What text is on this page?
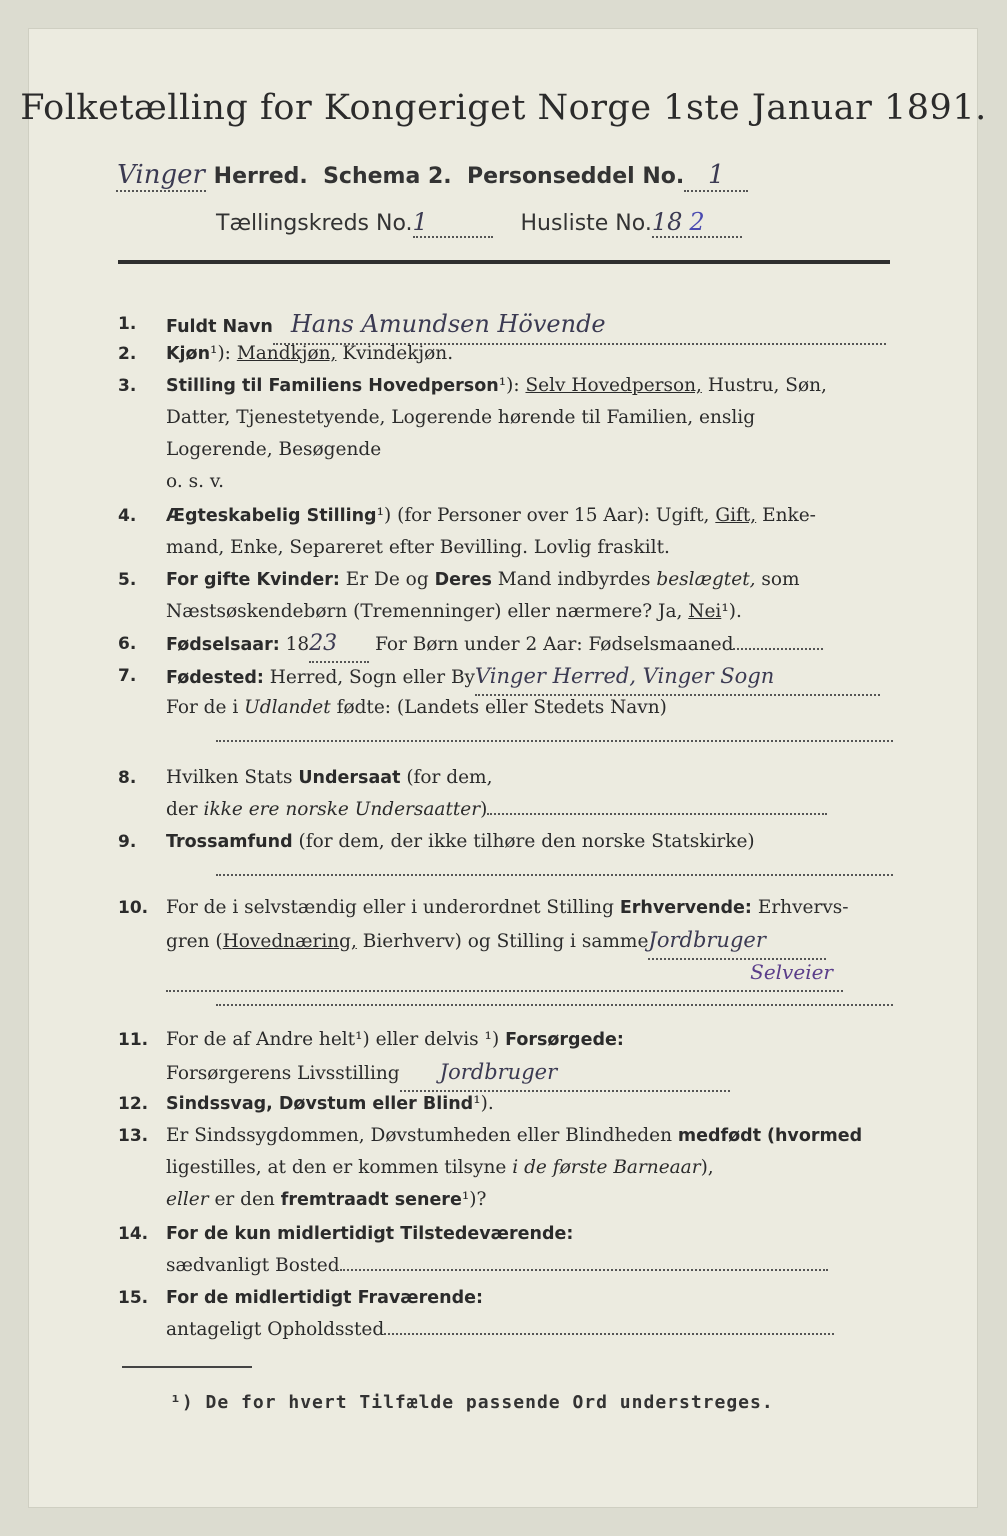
Folketælling for Kongeriget Norge 1ste Januar 1891.
Vinger Herred. Schema 2. Personseddel No. 1
Tællingskreds No.1	Husliste No.18 2
1.	Fuldt Navn Hans Amundsen Hövende
2.	Kjøn¹): Mandkjøn, Kvindekjøn.
3.	Stilling til Familiens Hovedperson¹): Selv Hovedperson, Hustru, Søn,
Datter, Tjenestetyende, Logerende hørende til Familien, enslig
Logerende, Besøgende
o. s. v.
4.	Ægteskabelig Stilling¹) (for Personer over 15 Aar): Ugift, Gift, Enke-
mand, Enke, Separeret efter Bevilling. Lovlig fraskilt.
5.	For gifte Kvinder: Er De og Deres Mand indbyrdes beslægtet, som
Næstsøskendebørn (Tremenninger) eller nærmere? Ja, Nei¹).
6.	Fødselsaar: 1823 For Børn under 2 Aar: Fødselsmaaned
7.	Fødested: Herred, Sogn eller ByVinger Herred, Vinger Sogn
For de i Udlandet fødte: (Landets eller Stedets Navn)
8.	Hvilken Stats Undersaat (for dem,
der ikke ere norske Undersaatter)
9.	Trossamfund (for dem, der ikke tilhøre den norske Statskirke)
10. For de i selvstændig eller i underordnet Stilling Erhvervende: Erhvervs-
gren (Hovednæring, Bierhverv) og Stilling i sammeJordbruger
Selveier
11. For de af Andre helt¹) eller delvis ¹) Forsørgede:
Forsørgerens Livsstilling Jordbruger
12.	Sindssvag, Døvstum eller Blind¹).
13. Er Sindssygdommen, Døvstumheden eller Blindheden medfødt (hvormed
ligestilles, at den er kommen tilsyne i de første Barneaar),
eller er den fremtraadt senere¹)?
14.	For de kun midlertidigt Tilstedeværende:
sædvanligt Bosted
15.	For de midlertidigt Fraværende:
antageligt Opholdssted
¹) De for hvert Tilfælde passende Ord understreges.
